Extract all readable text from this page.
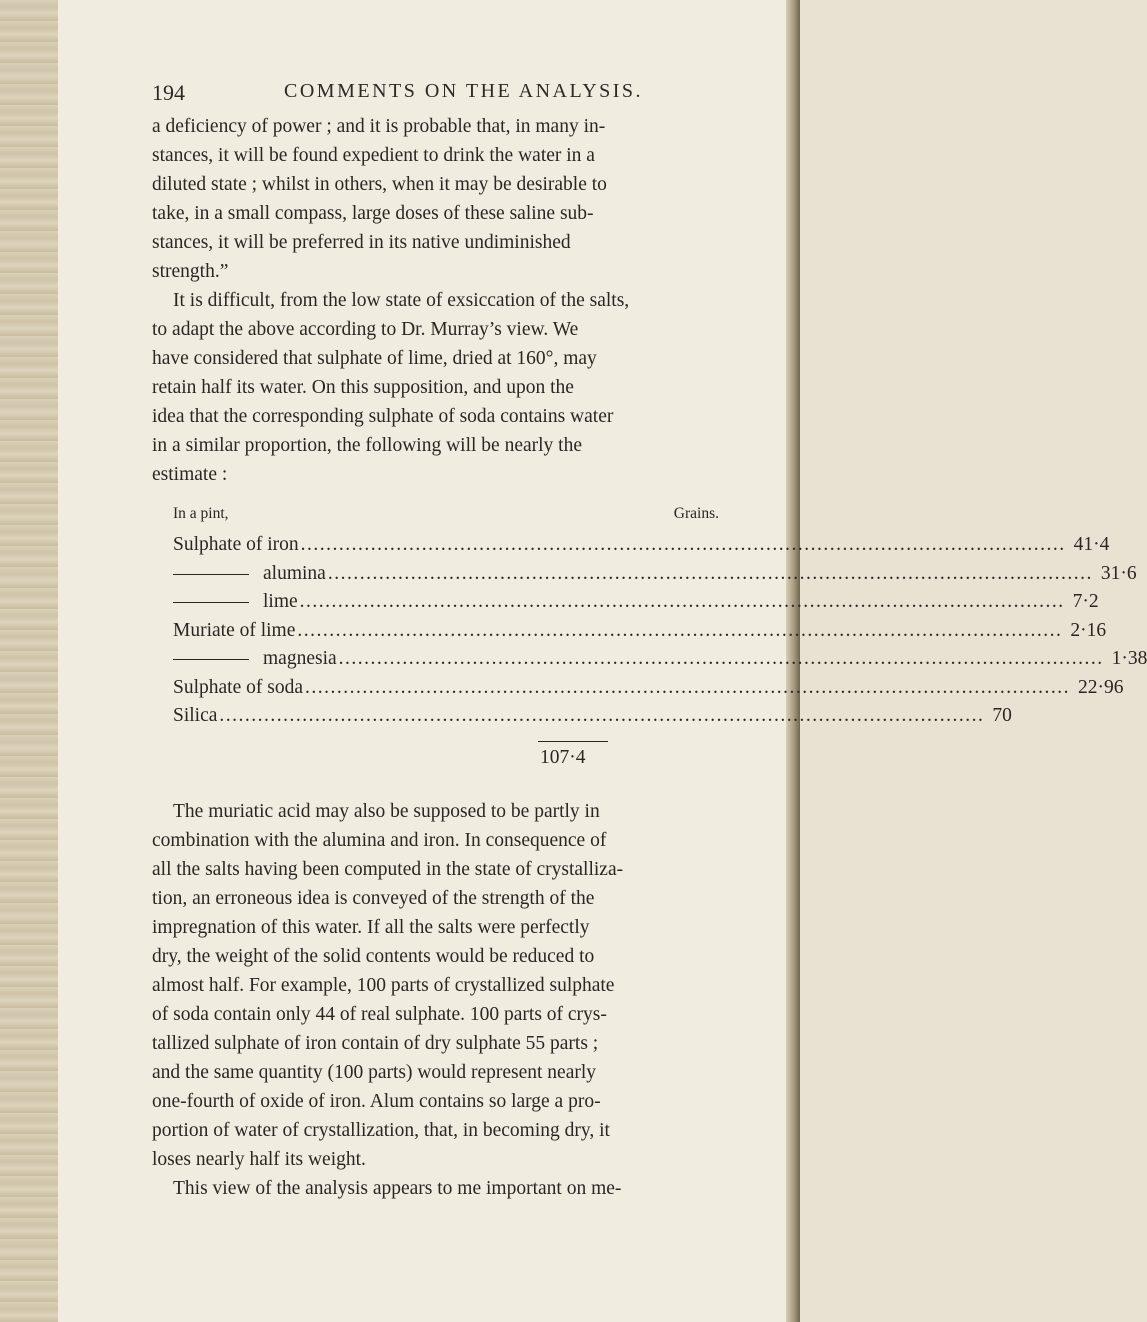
194	COMMENTS ON THE ANALYSIS.
a deficiency of power ; and it is probable that, in many in-
stances, it will be found expedient to drink the water in a
diluted state ; whilst in others, when it may be desirable to
take, in a small compass, large doses of these saline sub-
stances, it will be preferred in its native undiminished
strength.”
It is difficult, from the low state of exsiccation of the salts,
to adapt the above according to Dr. Murray’s view. We
have considered that sulphate of lime, dried at 160°, may
retain half its water. On this supposition, and upon the
idea that the corresponding sulphate of soda contains water
in a similar proportion, the following will be nearly the
estimate :
In a pint,	Grains.
Sulphate of iron ........................................................................................................................ 41·4
alumina ........................................................................................................................ 31·6
lime ........................................................................................................................ 7·2
Muriate of lime ........................................................................................................................ 2·16
magnesia ........................................................................................................................ 1·38
Sulphate of soda ........................................................................................................................ 22·96
Silica ........................................................................................................................ 70
107·4
The muriatic acid may also be supposed to be partly in
combination with the alumina and iron. In consequence of
all the salts having been computed in the state of crystalliza-
tion, an erroneous idea is conveyed of the strength of the
impregnation of this water. If all the salts were perfectly
dry, the weight of the solid contents would be reduced to
almost half. For example, 100 parts of crystallized sulphate
of soda contain only 44 of real sulphate. 100 parts of crys-
tallized sulphate of iron contain of dry sulphate 55 parts ;
and the same quantity (100 parts) would represent nearly
one-fourth of oxide of iron. Alum contains so large a pro-
portion of water of crystallization, that, in becoming dry, it
loses nearly half its weight.
This view of the analysis appears to me important on me-
